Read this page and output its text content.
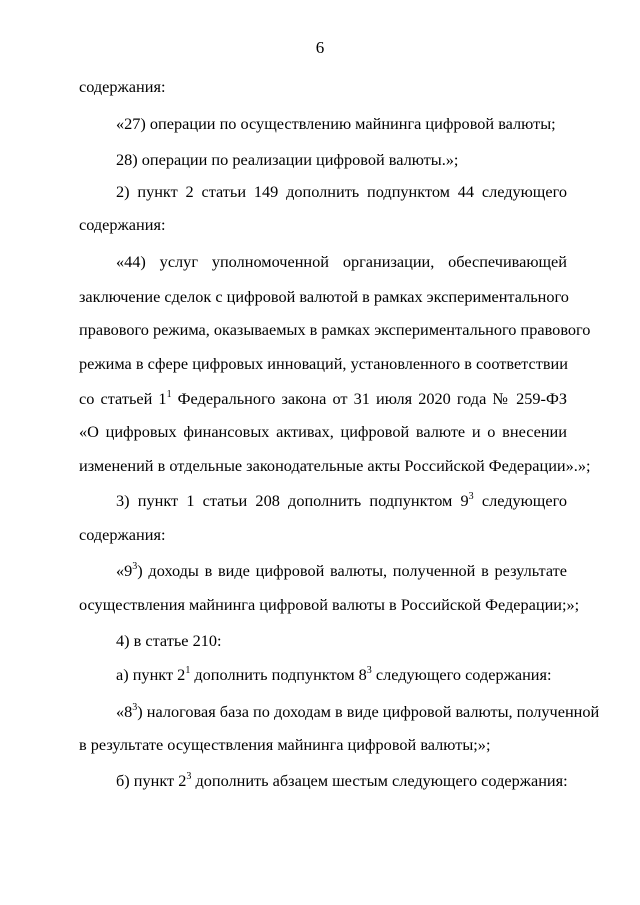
6
содержания:
«27) операции по осуществлению майнинга цифровой валюты;
28) операции по реализации цифровой валюты.»;
2) пункт 2 статьи 149 дополнить подпунктом 44 следующего
содержания:
«44) услуг уполномоченной организации, обеспечивающей
заключение сделок с цифровой валютой в рамках экспериментального
правового режима, оказываемых в рамках экспериментального правового
режима в сфере цифровых инноваций, установленного в соответствии
со статьей $1^1$ Федерального закона от 31 июля 2020 года № 259-ФЗ
«О цифровых финансовых активах, цифровой валюте и о внесении
изменений в отдельные законодательные акты Российской Федерации».»;
3) пункт 1 статьи 208 дополнить подпунктом $9^3$ следующего
содержания:
«$9^3$) доходы в виде цифровой валюты, полученной в результате
осуществления майнинга цифровой валюты в Российской Федерации;»;
4) в статье 210:
а) пункт $2^1$ дополнить подпунктом $8^3$ следующего содержания:
«$8^3$) налоговая база по доходам в виде цифровой валюты, полученной
в результате осуществления майнинга цифровой валюты;»;
б) пункт $2^3$ дополнить абзацем шестым следующего содержания:
